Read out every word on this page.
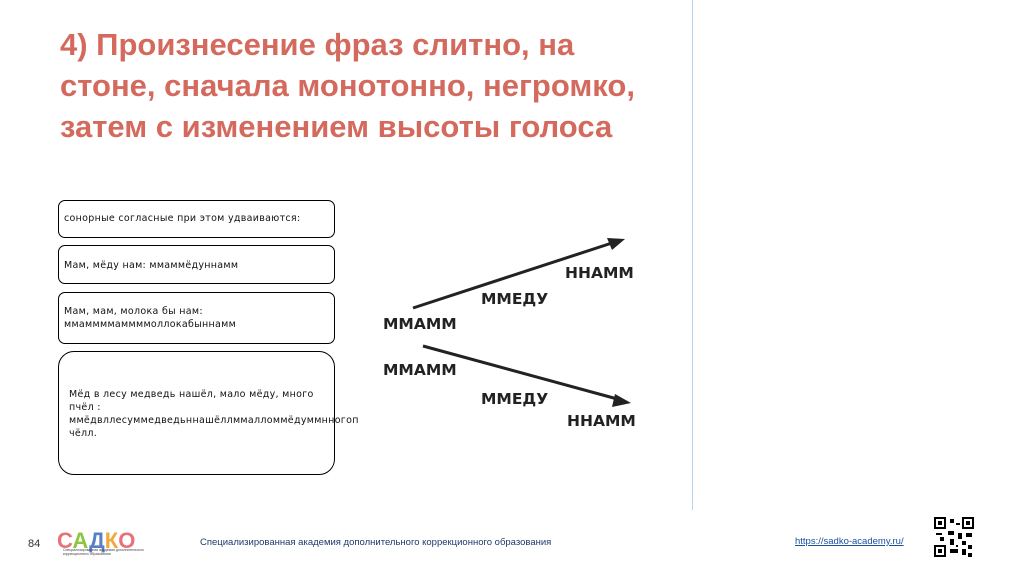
4) Произнесение фраз слитно, на стоне, сначала монотонно, негромко, затем с изменением высоты голоса

сонорные согласные при этом удваиваются:

Мам, мёду нам: ммаммёдуннамм

Мам, мам, молока бы нам:

ммаммммаммммоллокабыннамм

Мёд в лесу медведь нашёл, мало мёду, много

пчёл :

ммёдвллесуммедведьннашёллммалломмёдуммнногоп

чёлл.

ММАММ
ММЕДУ
ННАММ
ММАММ
ММЕДУ
ННАММ
84 САДКО
Специализированная академия дополнительного коррекционного образования
Специализированная академия дополнительного коррекционного образования	https://sadko-academy.ru/
